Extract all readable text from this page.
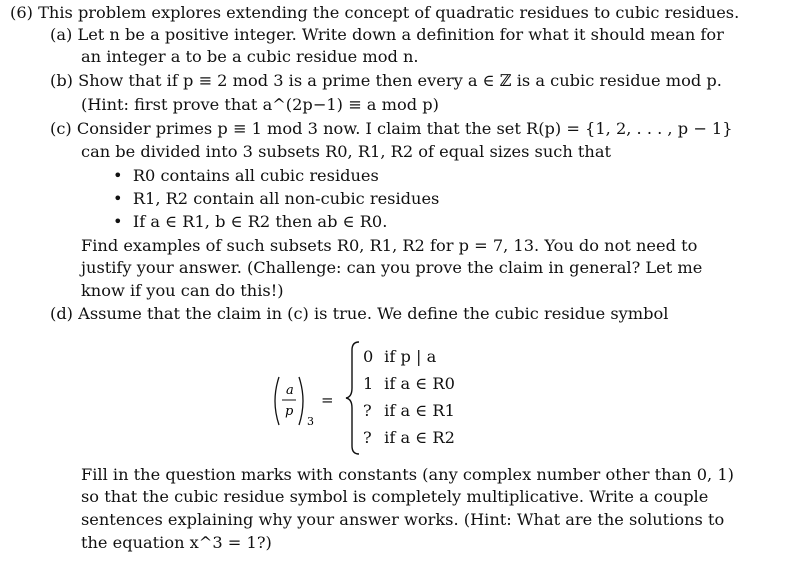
(6) This problem explores extending the concept of quadratic residues to cubic residues.
(a) Let n be a positive integer. Write down a definition for what it should mean for
an integer a to be a cubic residue mod n.
(b) Show that if p ≡ 2 mod 3 is a prime then every a ∈ ℤ is a cubic residue mod p.
(Hint: first prove that a^(2p−1) ≡ a mod p)
(c) Consider primes p ≡ 1 mod 3 now. I claim that the set R(p) = {1, 2, . . . , p − 1}
can be divided into 3 subsets R0, R1, R2 of equal sizes such that
•  R0 contains all cubic residues
•  R1, R2 contain all non-cubic residues
•  If a ∈ R1, b ∈ R2 then ab ∈ R0.
Find examples of such subsets R0, R1, R2 for p = 7, 13. You do not need to
justify your answer. (Challenge: can you prove the claim in general? Let me
know if you can do this!)
(d) Assume that the claim in (c) is true. We define the cubic residue symbol
a
p
3
=
0 if p | a
1 if a ∈ R0
? if a ∈ R1
? if a ∈ R2
Fill in the question marks with constants (any complex number other than 0, 1)
so that the cubic residue symbol is completely multiplicative. Write a couple
sentences explaining why your answer works. (Hint: What are the solutions to
the equation x^3 = 1?)
